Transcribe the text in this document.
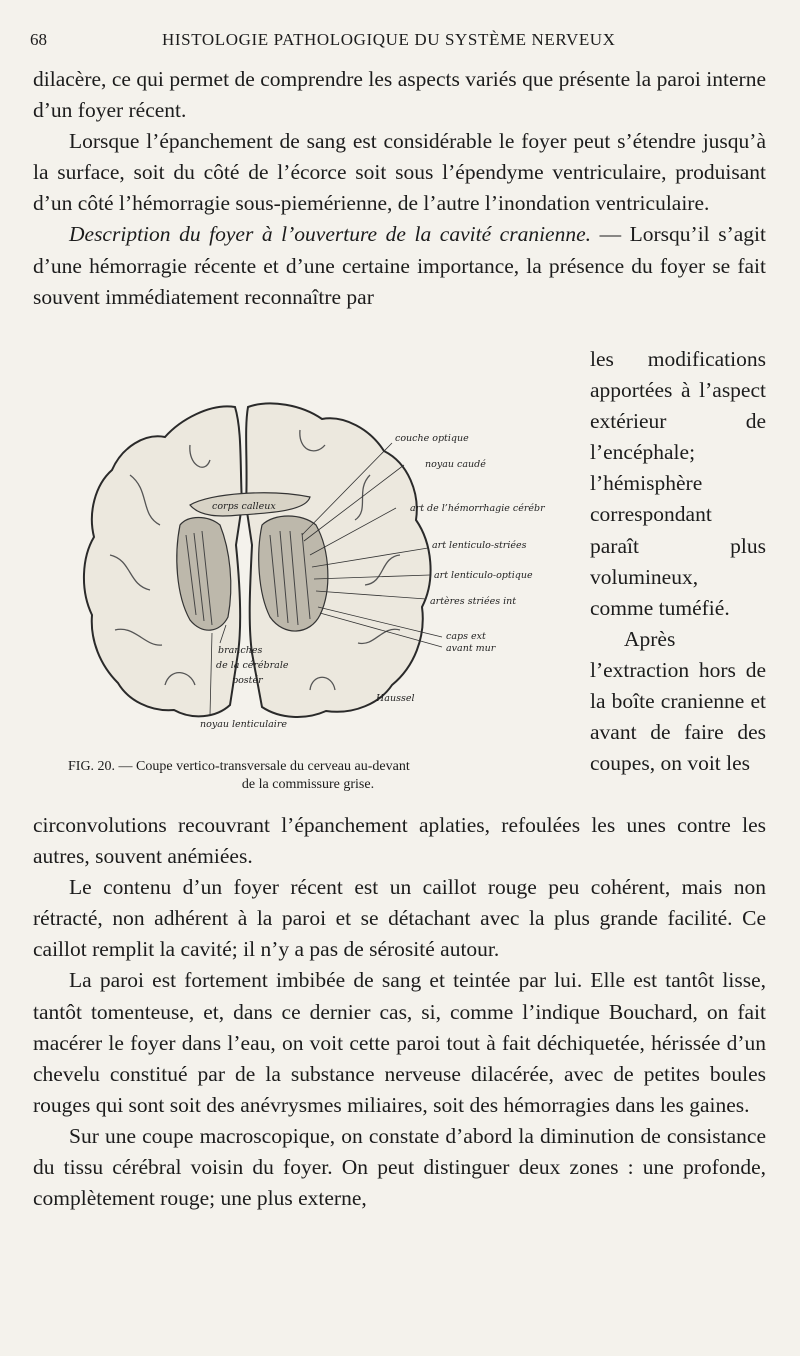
68	HISTOLOGIE PATHOLOGIQUE DU SYSTÈME NERVEUX

dilacère, ce qui permet de comprendre les aspects variés que présente la paroi interne d’un foyer récent.

Lorsque l’épanchement de sang est considérable le foyer peut s’étendre jusqu’à la surface, soit du côté de l’écorce soit sous l’épendyme ventriculaire, produisant d’un côté l’hémorragie sous-piemérienne, de l’autre l’inondation ventriculaire.

Description du foyer à l’ouverture de la cavité cranienne. — Lorsqu’il s’agit d’une hémorragie récente et d’une certaine importance, la présence du foyer se fait souvent immédiatement reconnaître par

les modifications apportées à l’aspect extérieur de l’encéphale; l’hémisphère correspondant paraît plus volumineux, comme tuméfié.

Après l’extraction hors de la boîte cranienne et avant de faire des coupes, on voit les

corps calleux
couche optique
noyau caudé
art de l’hémorrhagie cérébr
art lenticulo-striées
art lenticulo-optique
artères striées int
caps ext
avant mur
branches
de la cérébrale
postér
noyau lenticulaire
Haussel
FIG. 20. — Coupe vertico-transversale du cerveau au-devant
de la commissure grise.

circonvolutions recouvrant l’épanchement aplaties, refoulées les unes contre les autres, souvent anémiées.

Le contenu d’un foyer récent est un caillot rouge peu cohérent, mais non rétracté, non adhérent à la paroi et se détachant avec la plus grande facilité. Ce caillot remplit la cavité; il n’y a pas de sérosité autour.

La paroi est fortement imbibée de sang et teintée par lui. Elle est tantôt lisse, tantôt tomenteuse, et, dans ce dernier cas, si, comme l’indique Bouchard, on fait macérer le foyer dans l’eau, on voit cette paroi tout à fait déchiquetée, hérissée d’un chevelu constitué par de la substance nerveuse dilacérée, avec de petites boules rouges qui sont soit des anévrysmes miliaires, soit des hémorragies dans les gaines.

Sur une coupe macroscopique, on constate d’abord la diminution de consistance du tissu cérébral voisin du foyer. On peut distinguer deux zones : une profonde, complètement rouge; une plus externe,
